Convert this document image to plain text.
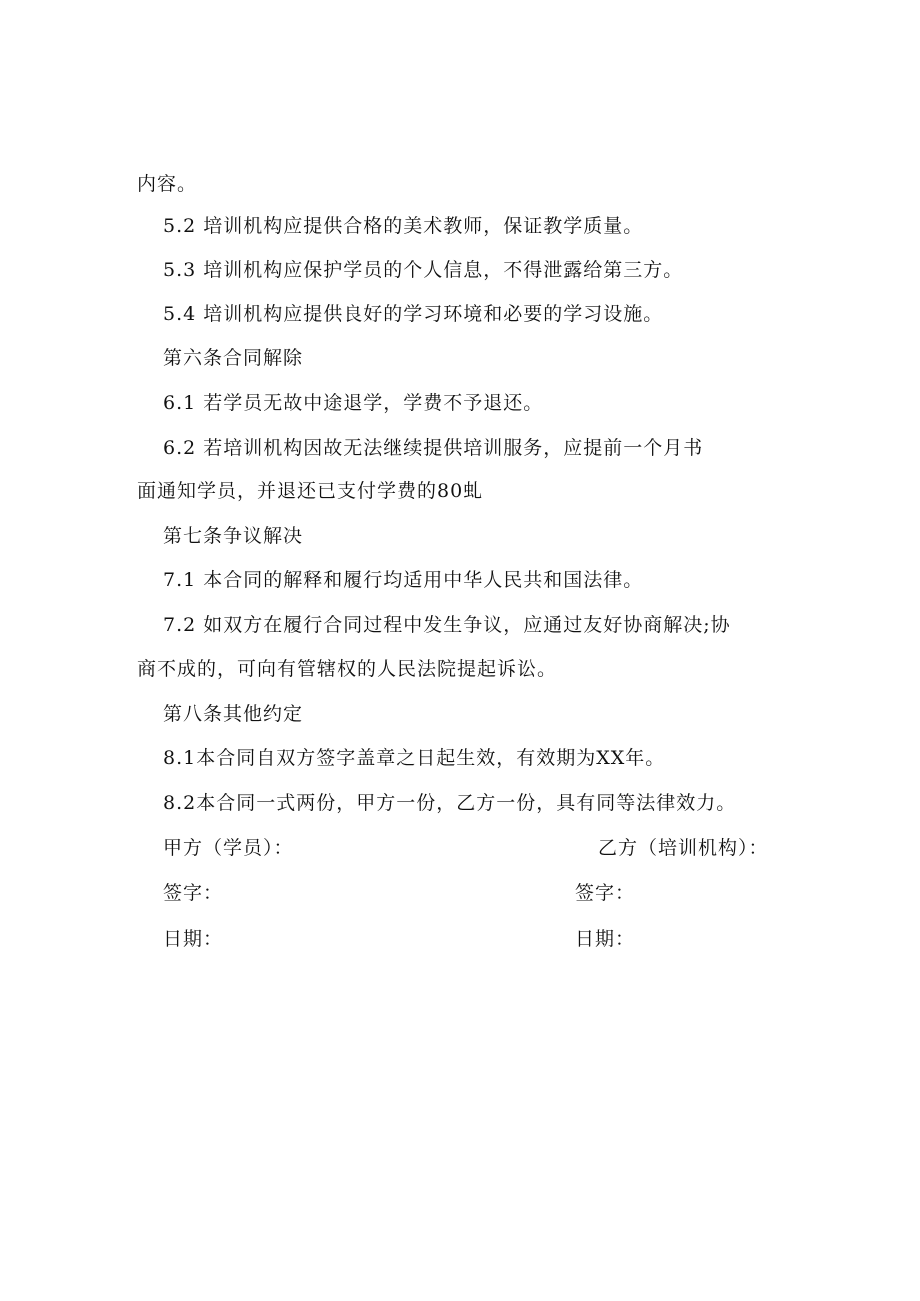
内容。
5.2 培训机构应提供合格的美术教师，保证教学质量。
5.3 培训机构应保护学员的个人信息，不得泄露给第三方。
5.4 培训机构应提供良好的学习环境和必要的学习设施。
第六条合同解除
6.1 若学员无故中途退学，学费不予退还。
6.2 若培训机构因故无法继续提供培训服务，应提前一个月书
面通知学员，并退还已支付学费的80虬
第七条争议解决
7.1 本合同的解释和履行均适用中华人民共和国法律。
7.2 如双方在履行合同过程中发生争议，应通过友好协商解决;协
商不成的，可向有管辖权的人民法院提起诉讼。
第八条其他约定
8.1本合同自双方签字盖章之日起生效，有效期为XX年。
8.2本合同一式两份，甲方一份，乙方一份，具有同等法律效力。
甲方（学员）：	乙方（培训机构）：
签字：	签字：
日期：	日期：
